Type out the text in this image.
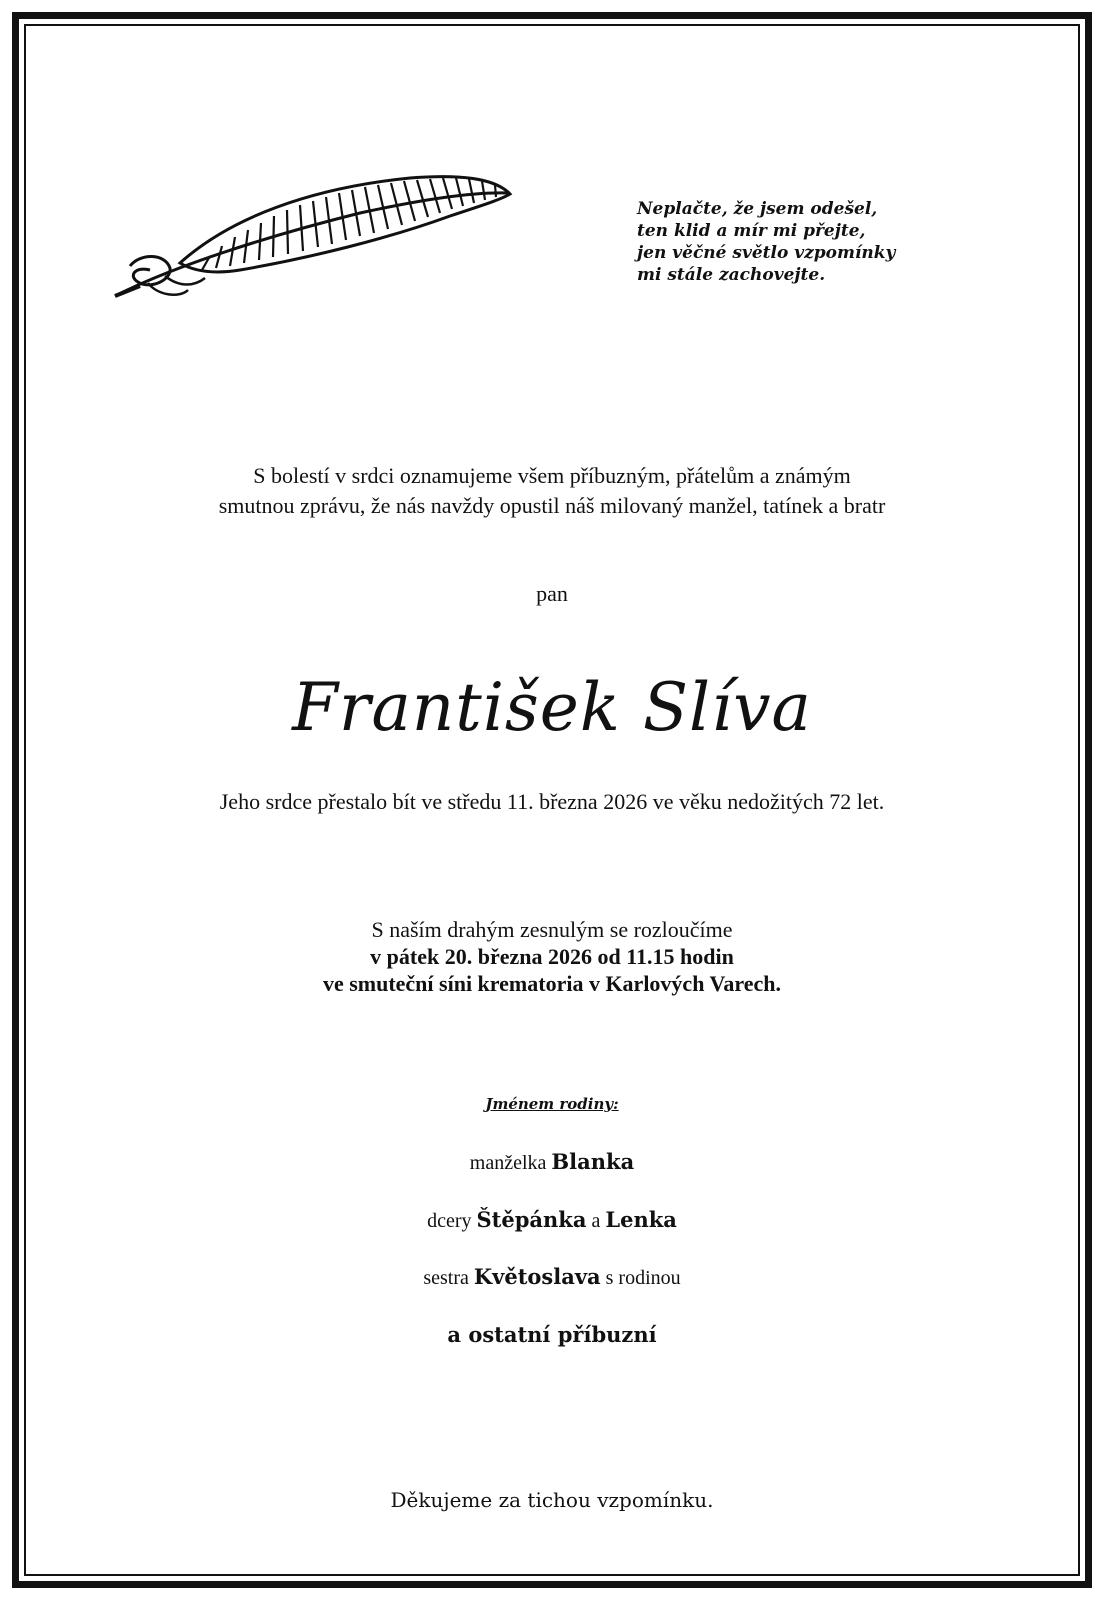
Neplačte, že jsem odešel,
ten klid a mír mi přejte,
jen věčné světlo vzpomínky
mi stále zachovejte.
S bolestí v srdci oznamujeme všem příbuzným, přátelům a známým
smutnou zprávu, že nás navždy opustil náš milovaný manžel, tatínek a bratr
pan
František Slíva
Jeho srdce přestalo bít ve středu 11. března 2026 ve věku nedožitých 72 let.
S naším drahým zesnulým se rozloučíme
v pátek 20. března 2026 od 11.15 hodin
ve smuteční síni krematoria v Karlových Varech.
Jménem rodiny:
manželka Blanka
dcery Štěpánka a Lenka
sestra Květoslava s rodinou
a ostatní příbuzní
Děkujeme za tichou vzpomínku.
